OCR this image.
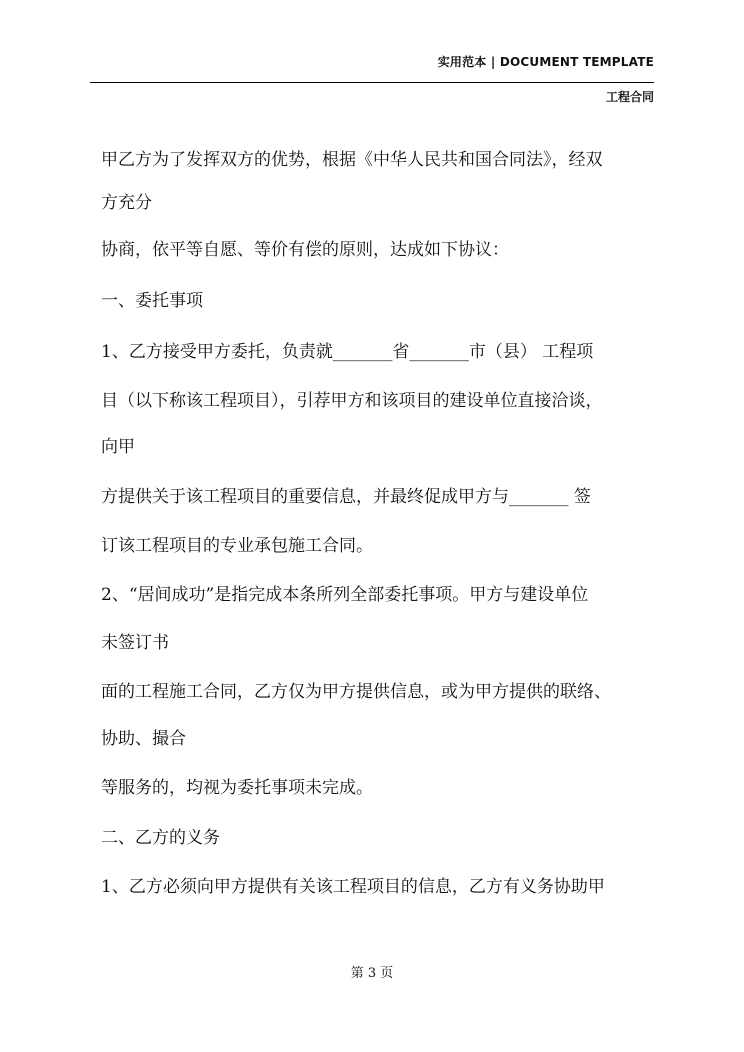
实用范本 | DOCUMENT TEMPLATE
工程合同
甲乙方为了发挥双方的优势，根据《中华人民共和国合同法》，经双
方充分
协商，依平等自愿、等价有偿的原则，达成如下协议：
一、委托事项
1、乙方接受甲方委托，负责就_______省_______市（县） 工程项
目（以下称该工程项目），引荐甲方和该项目的建设单位直接洽谈，
向甲
方提供关于该工程项目的重要信息，并最终促成甲方与_______ 签
订该工程项目的专业承包施工合同。
2、“居间成功”是指完成本条所列全部委托事项。甲方与建设单位
未签订书
面的工程施工合同，乙方仅为甲方提供信息，或为甲方提供的联络、
协助、撮合
等服务的，均视为委托事项未完成。
二、乙方的义务
1、乙方必须向甲方提供有关该工程项目的信息，乙方有义务协助甲
第 3 页
